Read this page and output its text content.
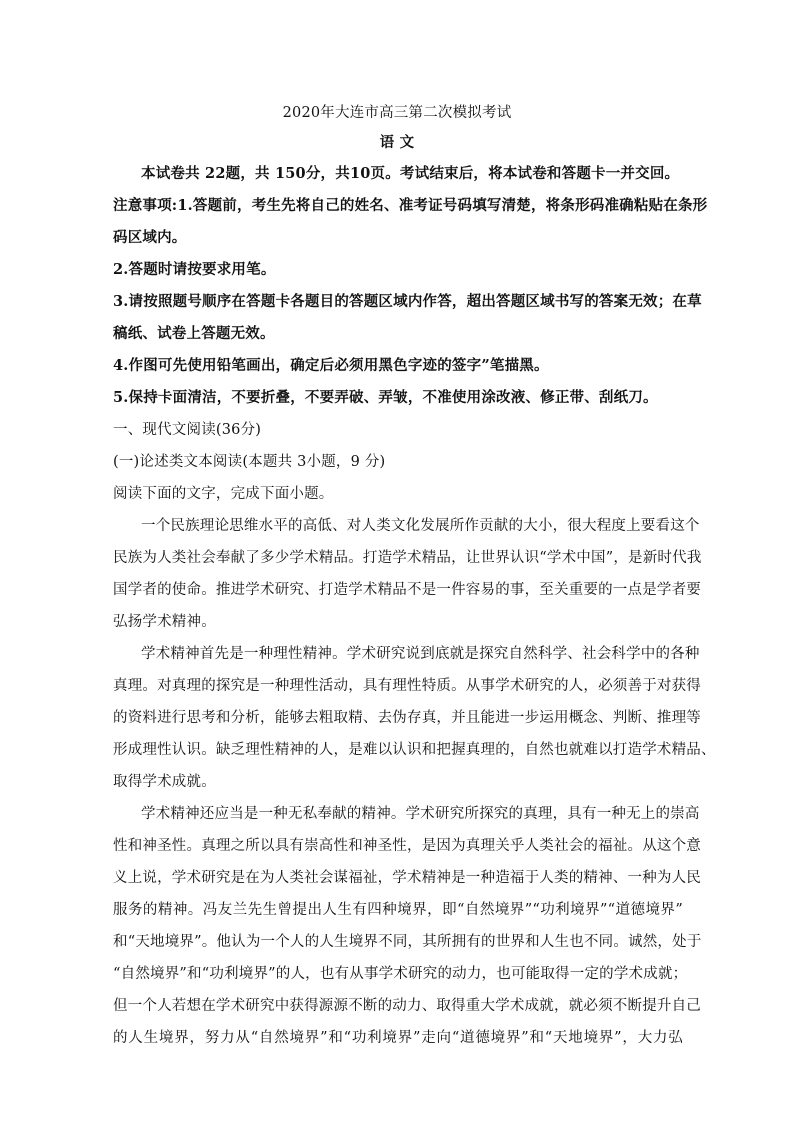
2020年大连市高三第二次模拟考试
语 文
本试卷共 22题，共 150分，共10页。考试结束后，将本试卷和答题卡一并交回。
注意事项:1.答题前，考生先将自己的姓名、准考证号码填写清楚，将条形码准确粘贴在条形
码区域内。
2.答题时请按要求用笔。
3.请按照题号顺序在答题卡各题目的答题区域内作答，超出答题区域书写的答案无效；在草
稿纸、试卷上答题无效。
4.作图可先使用铅笔画出，确定后必须用黑色字迹的签字”笔描黑。
5.保持卡面清洁，不要折叠，不要弄破、弄皱，不准使用涂改液、修正带、刮纸刀。
一、现代文阅读(36分)
(一)论述类文本阅读(本题共 3小题，9 分)
阅读下面的文字，完成下面小题。
一个民族理论思维水平的高低、对人类文化发展所作贡献的大小，很大程度上要看这个
民族为人类社会奉献了多少学术精品。打造学术精品，让世界认识“学术中国”，是新时代我
国学者的使命。推进学术研究、打造学术精品不是一件容易的事，至关重要的一点是学者要
弘扬学术精神。
学术精神首先是一种理性精神。学术研究说到底就是探究自然科学、社会科学中的各种
真理。对真理的探究是一种理性活动，具有理性特质。从事学术研究的人，必须善于对获得
的资料进行思考和分析，能够去粗取精、去伪存真，并且能进一步运用概念、判断、推理等
形成理性认识。缺乏理性精神的人，是难以认识和把握真理的，自然也就难以打造学术精品、
取得学术成就。
学术精神还应当是一种无私奉献的精神。学术研究所探究的真理，具有一种无上的崇高
性和神圣性。真理之所以具有崇高性和神圣性，是因为真理关乎人类社会的福祉。从这个意
义上说，学术研究是在为人类社会谋福祉，学术精神是一种造福于人类的精神、一种为人民
服务的精神。冯友兰先生曾提出人生有四种境界，即“自然境界”“功利境界”“道德境界”
和“天地境界”。他认为一个人的人生境界不同，其所拥有的世界和人生也不同。诚然，处于
“自然境界”和“功利境界”的人，也有从事学术研究的动力，也可能取得一定的学术成就；
但一个人若想在学术研究中获得源源不断的动力、取得重大学术成就，就必须不断提升自己
的人生境界，努力从“自然境界”和“功利境界”走向“道德境界”和“天地境界”，大力弘
